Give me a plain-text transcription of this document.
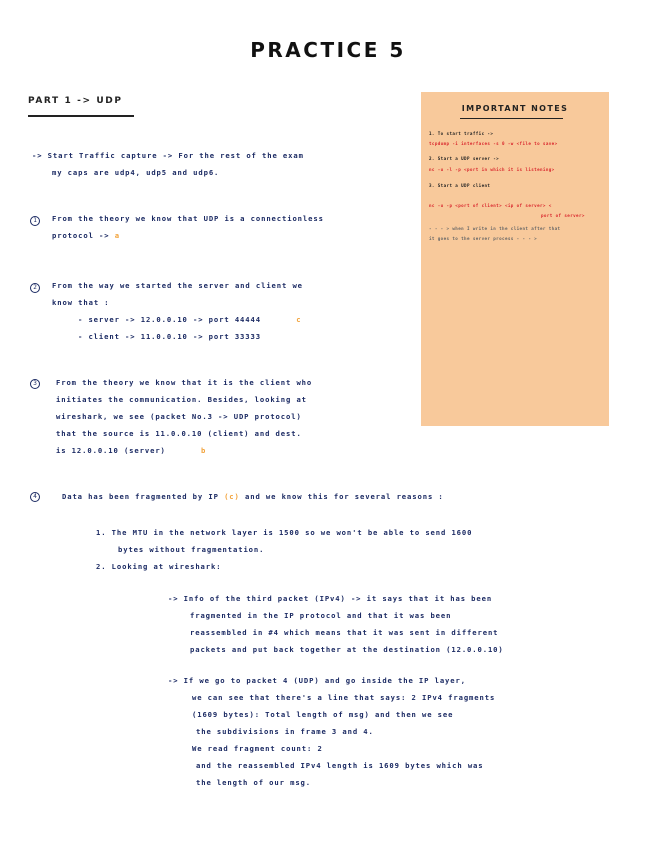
PRACTICE 5
PART 1 -> UDP
-> Start Traffic capture -> For the rest of the exam
my caps are udp4, udp5 and udp6.
1	From the theory we know that UDP is a connectionless
protocol -> a
2	From the way we started the server and client we
know that :
- server -> 12.0.0.10 -> port 44444	c
- client -> 11.0.0.10 -> port 33333
3	From the theory we know that it is the client who
initiates the communication. Besides, looking at
wireshark, we see (packet No.3 -> UDP protocol)
that the source is 11.0.0.10 (client) and dest.
is 12.0.0.10 (server)	b
4	Data has been fragmented by IP (c) and we know this for several reasons :
1. The MTU in the network layer is 1500 so we won't be able to send 1600
bytes without fragmentation.
2. Looking at wireshark:
-> Info of the third packet (IPv4) -> it says that it has been
fragmented in the IP protocol and that it was been
reassembled in #4 which means that it was sent in different
packets and put back together at the destination (12.0.0.10)
-> If we go to packet 4 (UDP) and go inside the IP layer,
we can see that there's a line that says: 2 IPv4 fragments
(1609 bytes): Total length of msg) and then we see
the subdivisions in frame 3 and 4.
We read fragment count: 2
and the reassembled IPv4 length is 1609 bytes which was
the length of our msg.
IMPORTANT NOTES
1. To start traffic ->
tcpdump -i interfaces -s 0 -w <file to save>
2. Start a UDP server ->
nc -u -l -p <port in which it is listening>
3. Start a UDP client
nc -u -p <port of client> <ip of server> <
port of server>
- - - > when I write in the client after that
it goes to the server process - - - >
